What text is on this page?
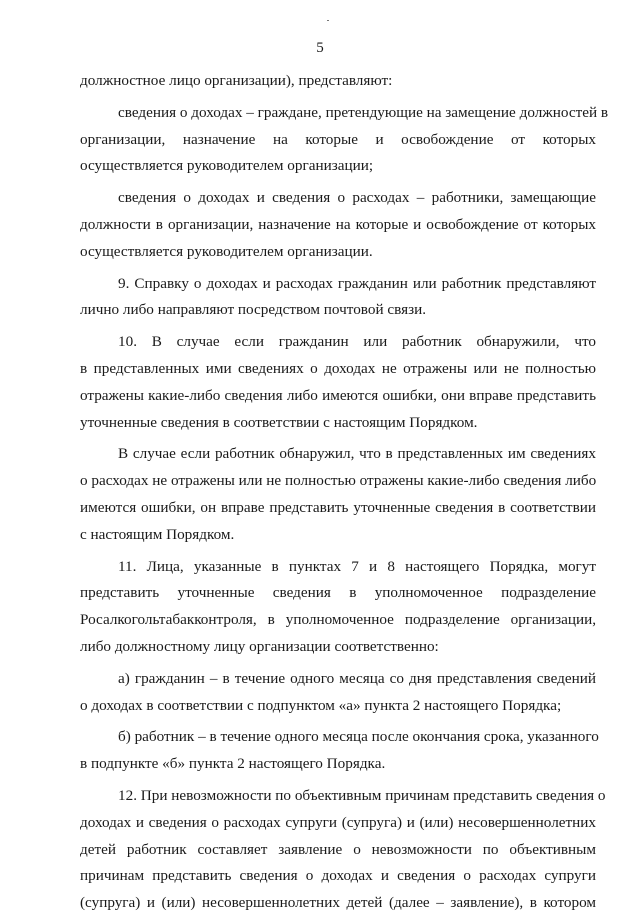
5
должностное лицо организации), представляют:
сведения о доходах – граждане, претендующие на замещение должностей в
организации, назначение на которые и освобождение от которых
осуществляется руководителем организации;
сведения о доходах и сведения о расходах – работники, замещающие
должности в организации, назначение на которые и освобождение от которых
осуществляется руководителем организации.
9. Справку о доходах и расходах гражданин или работник представляют
лично либо направляют посредством почтовой связи.
10. В случае если гражданин или работник обнаружили, что
в представленных ими сведениях о доходах не отражены или не полностью
отражены какие-либо сведения либо имеются ошибки, они вправе представить
уточненные сведения в соответствии с настоящим Порядком.
В случае если работник обнаружил, что в представленных им сведениях
о расходах не отражены или не полностью отражены какие-либо сведения либо
имеются ошибки, он вправе представить уточненные сведения в соответствии
с настоящим Порядком.
11. Лица, указанные в пунктах 7 и 8 настоящего Порядка, могут
представить уточненные сведения в уполномоченное подразделение
Росалкогольтабакконтроля, в уполномоченное подразделение организации,
либо должностному лицу организации соответственно:
а) гражданин – в течение одного месяца со дня представления сведений
о доходах в соответствии с подпунктом «а» пункта 2 настоящего Порядка;
б) работник – в течение одного месяца после окончания срока, указанного
в подпункте «б» пункта 2 настоящего Порядка.
12. При невозможности по объективным причинам представить сведения о
доходах и сведения о расходах супруги (супруга) и (или) несовершеннолетних
детей работник составляет заявление о невозможности по объективным
причинам представить сведения о доходах и сведения о расходах супруги
(супруга) и (или) несовершеннолетних детей (далее – заявление), в котором
